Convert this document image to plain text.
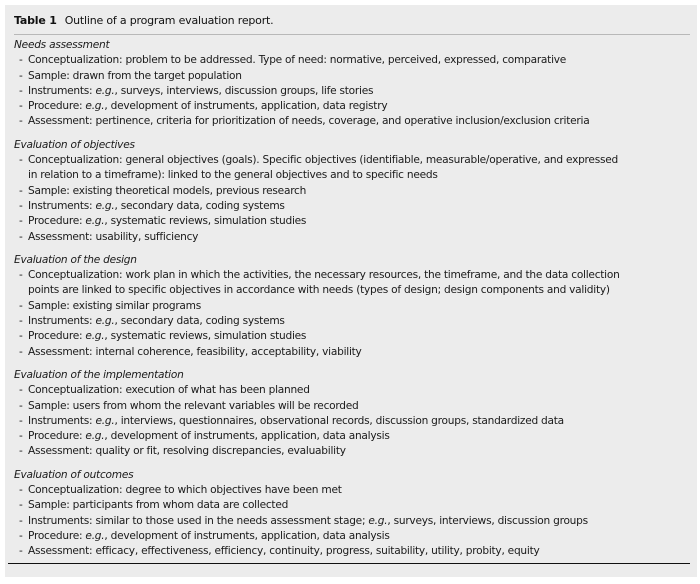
Table 1 Outline of a program evaluation report.
Needs assessment
- Conceptualization: problem to be addressed. Type of need: normative, perceived, expressed, comparative
- Sample: drawn from the target population
- Instruments: e.g., surveys, interviews, discussion groups, life stories
- Procedure: e.g., development of instruments, application, data registry
- Assessment: pertinence, criteria for prioritization of needs, coverage, and operative inclusion/exclusion criteria
Evaluation of objectives
- Conceptualization: general objectives (goals). Specific objectives (identifiable, measurable/operative, and expressed
in relation to a timeframe): linked to the general objectives and to specific needs
- Sample: existing theoretical models, previous research
- Instruments: e.g., secondary data, coding systems
- Procedure: e.g., systematic reviews, simulation studies
- Assessment: usability, sufficiency
Evaluation of the design
- Conceptualization: work plan in which the activities, the necessary resources, the timeframe, and the data collection
points are linked to specific objectives in accordance with needs (types of design; design components and validity)
- Sample: existing similar programs
- Instruments: e.g., secondary data, coding systems
- Procedure: e.g., systematic reviews, simulation studies
- Assessment: internal coherence, feasibility, acceptability, viability
Evaluation of the implementation
- Conceptualization: execution of what has been planned
- Sample: users from whom the relevant variables will be recorded
- Instruments: e.g., interviews, questionnaires, observational records, discussion groups, standardized data
- Procedure: e.g., development of instruments, application, data analysis
- Assessment: quality or fit, resolving discrepancies, evaluability
Evaluation of outcomes
- Conceptualization: degree to which objectives have been met
- Sample: participants from whom data are collected
- Instruments: similar to those used in the needs assessment stage; e.g., surveys, interviews, discussion groups
- Procedure: e.g., development of instruments, application, data analysis
- Assessment: efficacy, effectiveness, efficiency, continuity, progress, suitability, utility, probity, equity
